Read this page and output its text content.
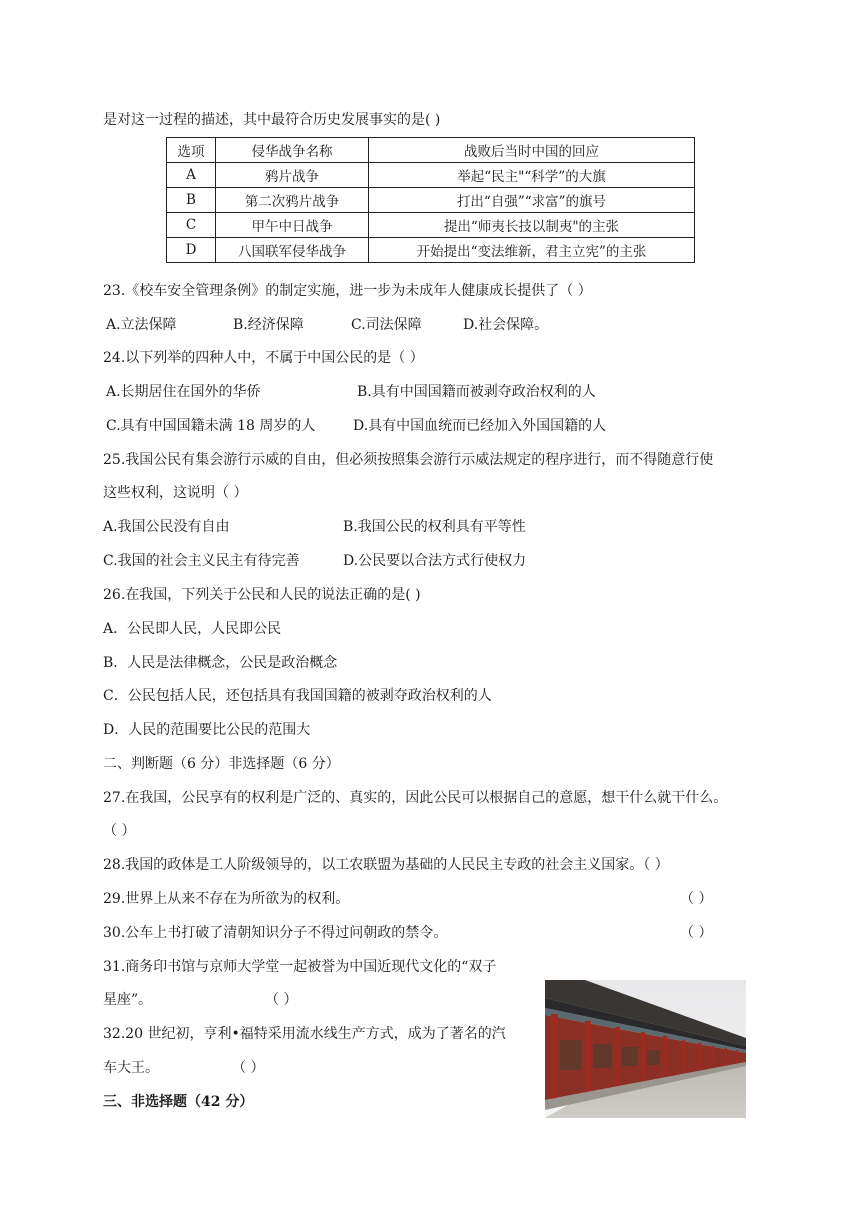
是对这一过程的描述，其中最符合历史发展事实的是( )
选项	侵华战争名称	战败后当时中国的回应
A	鸦片战争	举起“民主"“科学”的大旗
B	第二次鸦片战争	打出“自强”“求富”的旗号
C	甲午中日战争	提出“师夷长技以制夷"的主张
D	八国联军侵华战争	开始提出“变法维新，君主立宪”的主张
23.《校车安全管理条例》的制定实施，进一步为未成年人健康成长提供了（ ）
A.立法保障	B.经济保障	C.司法保障	D.社会保障。
24.以下列举的四种人中，不属于中国公民的是（ ）
A.长期居住在国外的华侨	B.具有中国国籍而被剥夺政治权利的人
C.具有中国国籍未满 18 周岁的人	D.具有中国血统而已经加入外国国籍的人
25.我国公民有集会游行示威的自由，但必须按照集会游行示威法规定的程序进行，而不得随意行使
这些权利，这说明（ ）
A.我国公民没有自由	B.我国公民的权利具有平等性
C.我国的社会主义民主有待完善	D.公民要以合法方式行使权力
26.在我国，下列关于公民和人民的说法正确的是( )
A．公民即人民，人民即公民
B．人民是法律概念，公民是政治概念
C．公民包括人民，还包括具有我国国籍的被剥夺政治权利的人
D．人民的范围要比公民的范围大
二、判断题（6 分）非选择题（6 分）
27.在我国，公民享有的权利是广泛的、真实的，因此公民可以根据自己的意愿，想干什么就干什么。
（ ）
28.我国的政体是工人阶级领导的，以工农联盟为基础的人民民主专政的社会主义国家。（ ）
29.世界上从来不存在为所欲为的权利。	（ ）
30.公车上书打破了清朝知识分子不得过问朝政的禁令。	（ ）
31.商务印书馆与京师大学堂一起被誉为中国近现代文化的“双子
星座”。	（ ）
32.20 世纪初，亨利•福特采用流水线生产方式，成为了著名的汽
车大王。	（ ）
三、非选择题（42 分）
